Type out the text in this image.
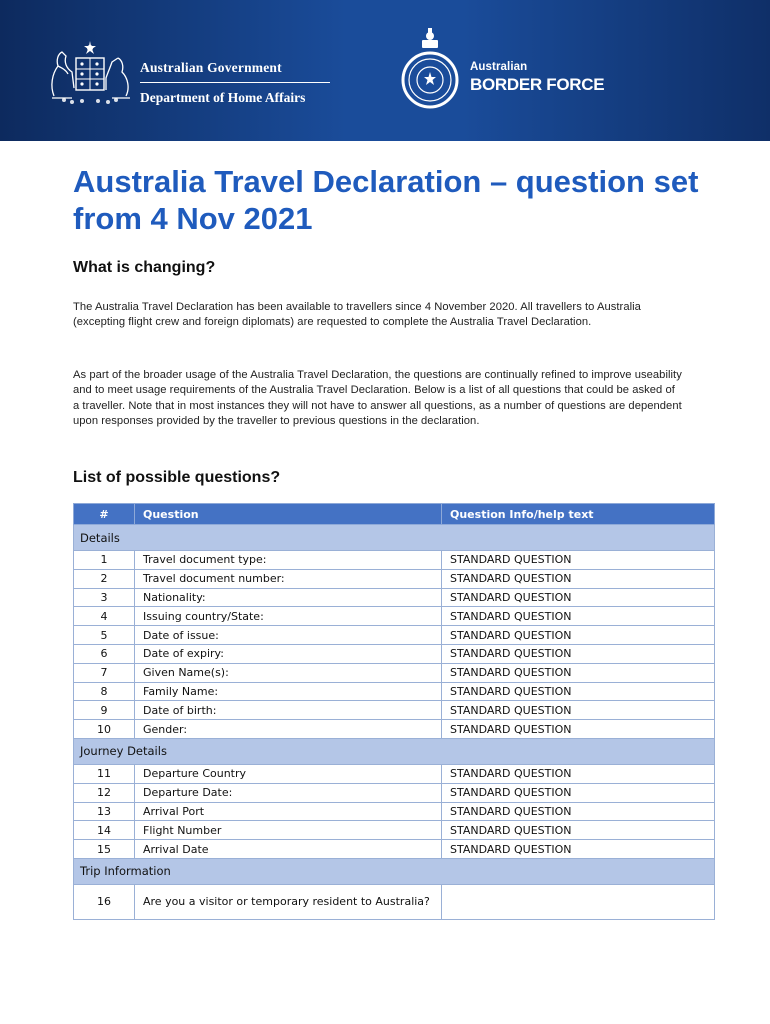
Australian Government
Department of Home Affairs
Australian
BORDER FORCE
Australia Travel Declaration – question set from 4 Nov 2021
What is changing?

The Australia Travel Declaration has been available to travellers since 4 November 2020. All travellers to Australia (excepting flight crew and foreign diplomats) are requested to complete the Australia Travel Declaration.

As part of the broader usage of the Australia Travel Declaration, the questions are continually refined to improve useability and to meet usage requirements of the Australia Travel Declaration. Below is a list of all questions that could be asked of a traveller. Note that in most instances they will not have to answer all questions, as a number of questions are dependent upon responses provided by the traveller to previous questions in the declaration.

List of possible questions?
#	Question	Question Info/help text
Details		
1	Travel document type:	STANDARD QUESTION
2	Travel document number:	STANDARD QUESTION
3	Nationality:	STANDARD QUESTION
4	Issuing country/State:	STANDARD QUESTION
5	Date of issue:	STANDARD QUESTION
6	Date of expiry:	STANDARD QUESTION
7	Given Name(s):	STANDARD QUESTION
8	Family Name:	STANDARD QUESTION
9	Date of birth:	STANDARD QUESTION
10	Gender:	STANDARD QUESTION
Journey Details		
11	Departure Country	STANDARD QUESTION
12	Departure Date:	STANDARD QUESTION
13	Arrival Port	STANDARD QUESTION
14	Flight Number	STANDARD QUESTION
15	Arrival Date	STANDARD QUESTION
Trip Information		
16	Are you a visitor or temporary resident to Australia?	
